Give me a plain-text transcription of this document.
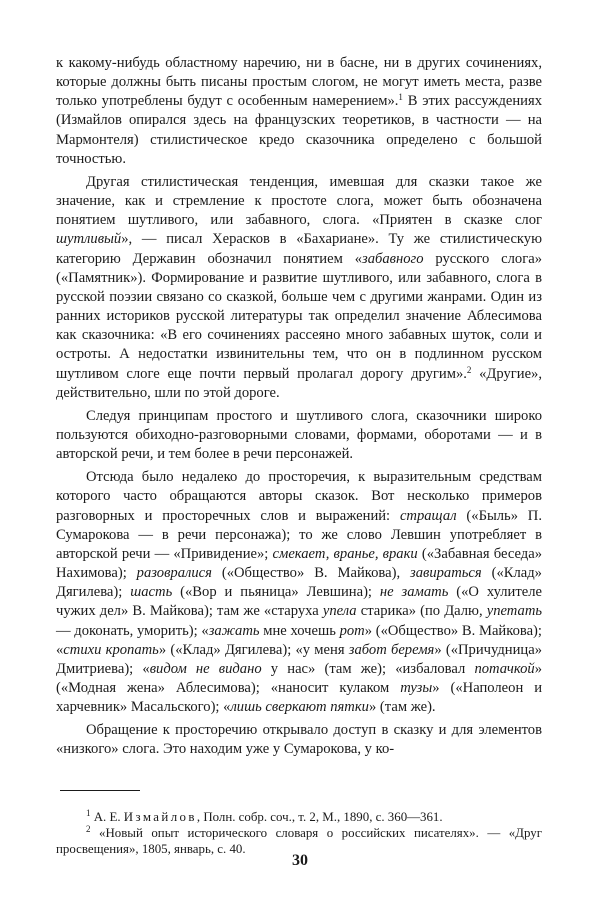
к какому-нибудь областному наречию, ни в басне, ни в других сочинениях, которые должны быть писаны простым слогом, не могут иметь места, разве только употреблены будут с особенным намерением».$^1$ В этих рассуждениях (Измайлов опирался здесь на французских теоретиков, в частности — на Мармонтеля) стилистическое кредо сказочника определено с большой точностью.

Другая стилистическая тенденция, имевшая для сказки такое же значение, как и стремление к простоте слога, может быть обозначена понятием шутливого, или забавного, слога. «Приятен в сказке слог шутливый», — писал Херасков в «Бахариане». Ту же стилистическую категорию Державин обозначил понятием «забавного русского слога» («Памятник»). Формирование и развитие шутливого, или забавного, слога в русской поэзии связано со сказкой, больше чем с другими жанрами. Один из ранних историков русской литературы так определил значение Аблесимова как сказочника: «В его сочинениях рассеяно много забавных шуток, соли и остроты. А недостатки извинительны тем, что он в подлинном русском шутливом слоге еще почти первый пролагал дорогу другим».$^2$ «Другие», действительно, шли по этой дороге.

Следуя принципам простого и шутливого слога, сказочники широко пользуются обиходно-разговорными словами, формами, оборотами — и в авторской речи, и тем более в речи персонажей.

Отсюда было недалеко до просторечия, к выразительным средствам которого часто обращаются авторы сказок. Вот несколько примеров разговорных и просторечных слов и выражений: стращал («Быль» П. Сумарокова — в речи персонажа); то же слово Левшин употребляет в авторской речи — «Привидение»; смекает, вранье, враки («Забавная беседа» Нахимова); разовралися («Общество» В. Майкова), завираться («Клад» Дягилева); шасть («Вор и пьяница» Левшина); не замать («О хулителе чужих дел» В. Майкова); там же «старуха упела старика» (по Далю, упетать — доконать, уморить); «зажать мне хочешь рот» («Общество» В. Майкова); «стихи кропать» («Клад» Дягилева); «у меня забот беремя» («Причудница» Дмитриева); «видом не видано у нас» (там же); «избаловал потачкой» («Модная жена» Аблесимова); «наносит кулаком тузы» («Наполеон и харчевник» Масальского); «лишь сверкают пятки» (там же).

Обращение к просторечию открывало доступ в сказку и для элементов «низкого» слога. Это находим уже у Сумарокова, у ко-

$^1$ А. Е. Измайлов, Полн. собр. соч., т. 2, М., 1890, с. 360—361.

$^2$ «Новый опыт исторического словаря о российских писателях». — «Друг просвещения», 1805, январь, с. 40.

30
